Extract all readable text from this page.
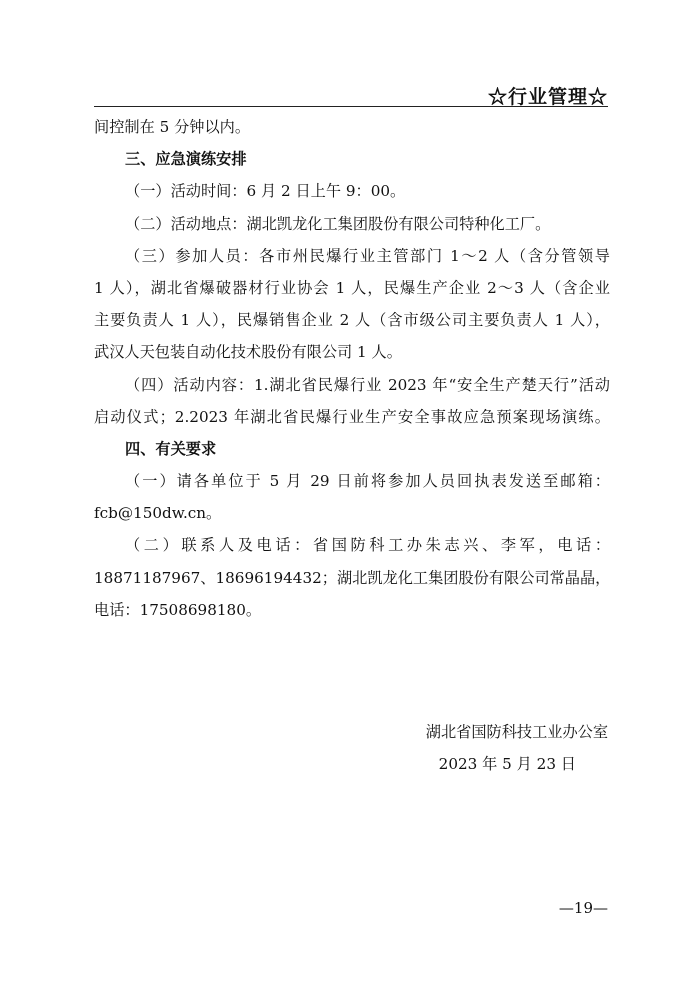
☆行业管理☆
间控制在 5 分钟以内。
三、应急演练安排
（一）活动时间：6 月 2 日上午 9：00。
（二）活动地点：湖北凯龙化工集团股份有限公司特种化工厂。
（三）参加人员：各市州民爆行业主管部门 1～2 人（含分管领导
1 人），湖北省爆破器材行业协会 1 人，民爆生产企业 2～3 人（含企业
主要负责人 1 人），民爆销售企业 2 人（含市级公司主要负责人 1 人），
武汉人天包装自动化技术股份有限公司 1 人。
（四）活动内容：1.湖北省民爆行业 2023 年“安全生产楚天行”活动
启动仪式；2.2023 年湖北省民爆行业生产安全事故应急预案现场演练。
四、有关要求
（一）请各单位于 5 月 29 日前将参加人员回执表发送至邮箱：
fcb@150dw.cn。
（二）联系人及电话：省国防科工办朱志兴、李军，电话：
18871187967、18696194432；湖北凯龙化工集团股份有限公司常晶晶，
电话：17508698180。
湖北省国防科技工业办公室
2023 年 5 月 23 日
—19—
